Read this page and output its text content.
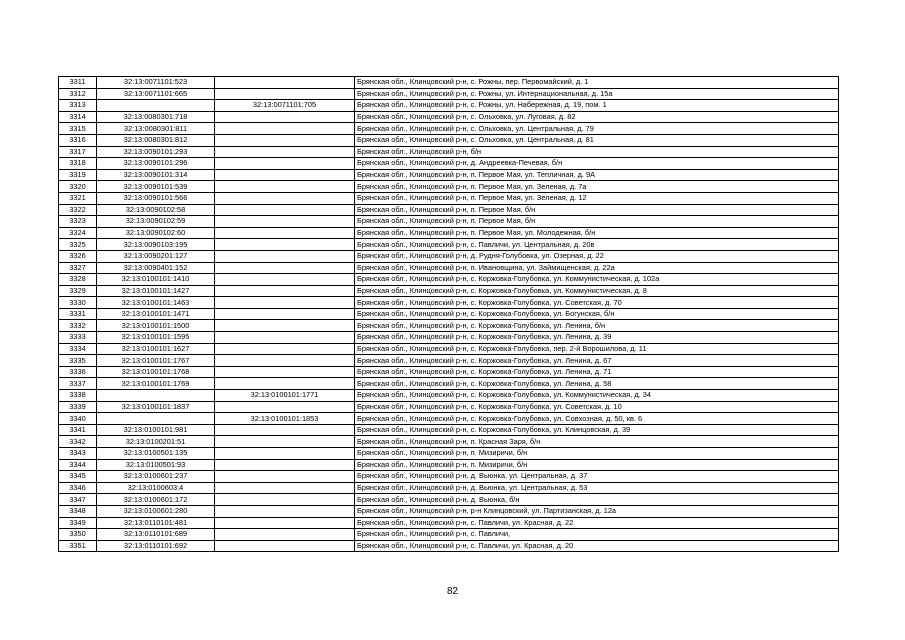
3311	32:13:0071101:523		Брянская обл., Клинцовский р-н, с. Рожны, пер. Первомайский, д. 1
3312	32:13:0071101:665		Брянская обл., Клинцовский р-н, с. Рожны, ул. Интернациональная, д. 15а
3313		32:13:0071101:705	Брянская обл., Клинцовский р-н, с. Рожны, ул. Набережная, д. 19, пом. 1
3314	32:13:0080301:718		Брянская обл., Клинцовский р-н, с. Ольховка, ул. Луговая, д. 82
3315	32:13:0080301:811		Брянская обл., Клинцовский р-н, с. Ольховка, ул. Центральная, д. 79
3316	32:13:0080301:812		Брянская обл., Клинцовский р-н, с. Ольховка, ул. Центральная, д. 81
3317	32:13:0090101:293		Брянская обл., Клинцовский р-н, б/н
3318	32:13:0090101:296		Брянская обл., Клинцовский р-н, д. Андреевка-Печевая, б/н
3319	32:13:0090101:314		Брянская обл., Клинцовский р-н, п. Первое Мая, ул. Тепличная, д. 9А
3320	32:13:0090101:539		Брянская обл., Клинцовский р-н, п. Первое Мая, ул. Зеленая, д. 7а
3321	32:13:0090101:566		Брянская обл., Клинцовский р-н, п. Первое Мая, ул. Зеленая, д. 12
3322	32:13:0090102:58		Брянская обл., Клинцовский р-н, п. Первое Мая, б/н
3323	32:13:0090102:59		Брянская обл., Клинцовский р-н, п. Первое Мая, б/н
3324	32:13:0090102:60		Брянская обл., Клинцовский р-н, п. Первое Мая, ул. Молодежная, б/н
3325	32:13:0090103:195		Брянская обл., Клинцовский р-н, с. Павличи, ул. Центральная, д. 20в
3326	32:13:0090201:127		Брянская обл., Клинцовский р-н, д. Рудня-Голубовка, ул. Озерная, д. 22
3327	32:13:0090401:152		Брянская обл., Клинцовский р-н, п. Ивановщина, ул. Займищенская, д. 22а
3328	32:13:0100101:1410		Брянская обл., Клинцовский р-н, с. Коржовка-Голубовка, ул. Коммунистическая, д. 102а
3329	32:13:0100101:1427		Брянская обл., Клинцовский р-н, с. Коржовка-Голубовка, ул. Коммунистическая, д. 8
3330	32:13:0100101:1463		Брянская обл., Клинцовский р-н, с. Коржовка-Голубовка, ул. Советская, д. 70
3331	32:13:0100101:1471		Брянская обл., Клинцовский р-н, с. Коржовка-Голубовка, ул. Богунская, б/н
3332	32:13:0100101:1500		Брянская обл., Клинцовский р-н, с. Коржовка-Голубовка, ул. Ленина, б/н
3333	32:13:0100101:1595		Брянская обл., Клинцовский р-н, с. Коржовка-Голубовка, ул. Ленина, д. 39
3334	32:13:0100101:1627		Брянская обл., Клинцовский р-н, с. Коржовка-Голубовка, пер. 2-й Ворошилова, д. 11
3335	32:13:0100101:1767		Брянская обл., Клинцовский р-н, с. Коржовка-Голубовка, ул. Ленина, д. 67
3336	32:13:0100101:1768		Брянская обл., Клинцовский р-н, с. Коржовка-Голубовка, ул. Ленина, д. 71
3337	32:13:0100101:1769		Брянская обл., Клинцовский р-н, с. Коржовка-Голубовка, ул. Ленина, д. 58
3338		32:13:0100101:1771	Брянская обл., Клинцовский р-н, с. Коржовка-Голубовка, ул. Коммунистическая, д. 34
3339	32:13:0100101:1837		Брянская обл., Клинцовский р-н, с. Коржовка-Голубовка, ул. Советская, д. 10
3340		32:13:0100101:1853	Брянская обл., Клинцовский р-н, с. Коржовка-Голубовка, ул. Совхозная, д. 50, кв. 6
3341	32:13:0100101:981		Брянская обл., Клинцовский р-н, с. Коржовка-Голубовка, ул. Клинцовская, д. 39
3342	32:13:0100201:51		Брянская обл., Клинцовский р-н, п. Красная Заря, б/н
3343	32:13:0100501:135		Брянская обл., Клинцовский р-н, п. Мизиричи, б/н
3344	32:13:0100501:93		Брянская обл., Клинцовский р-н, п. Мизиричи, б/н
3345	32:13:0100601:237		Брянская обл., Клинцовский р-н, д. Вьюнка, ул. Центральная, д. 37
3346	32:13:0100603:4		Брянская обл., Клинцовский р-н, д. Вьюнка, ул. Центральная, д. 53
3347	32:13:0100601:172		Брянская обл., Клинцовский р-н, д. Вьюнка, б/н
3348	32:13:0100601:280		Брянская обл., Клинцовский р-н, р-н Клинцовский, ул. Партизанская, д. 12а
3349	32:13:0110101:481		Брянская обл., Клинцовский р-н, с. Павличи, ул. Красная, д. 22
3350	32:13:0110101:689		Брянская обл., Клинцовский р-н, с. Павличи,
3351	32:13:0110101:692		Брянская обл., Клинцовский р-н, с. Павличи, ул. Красная, д. 20
82
